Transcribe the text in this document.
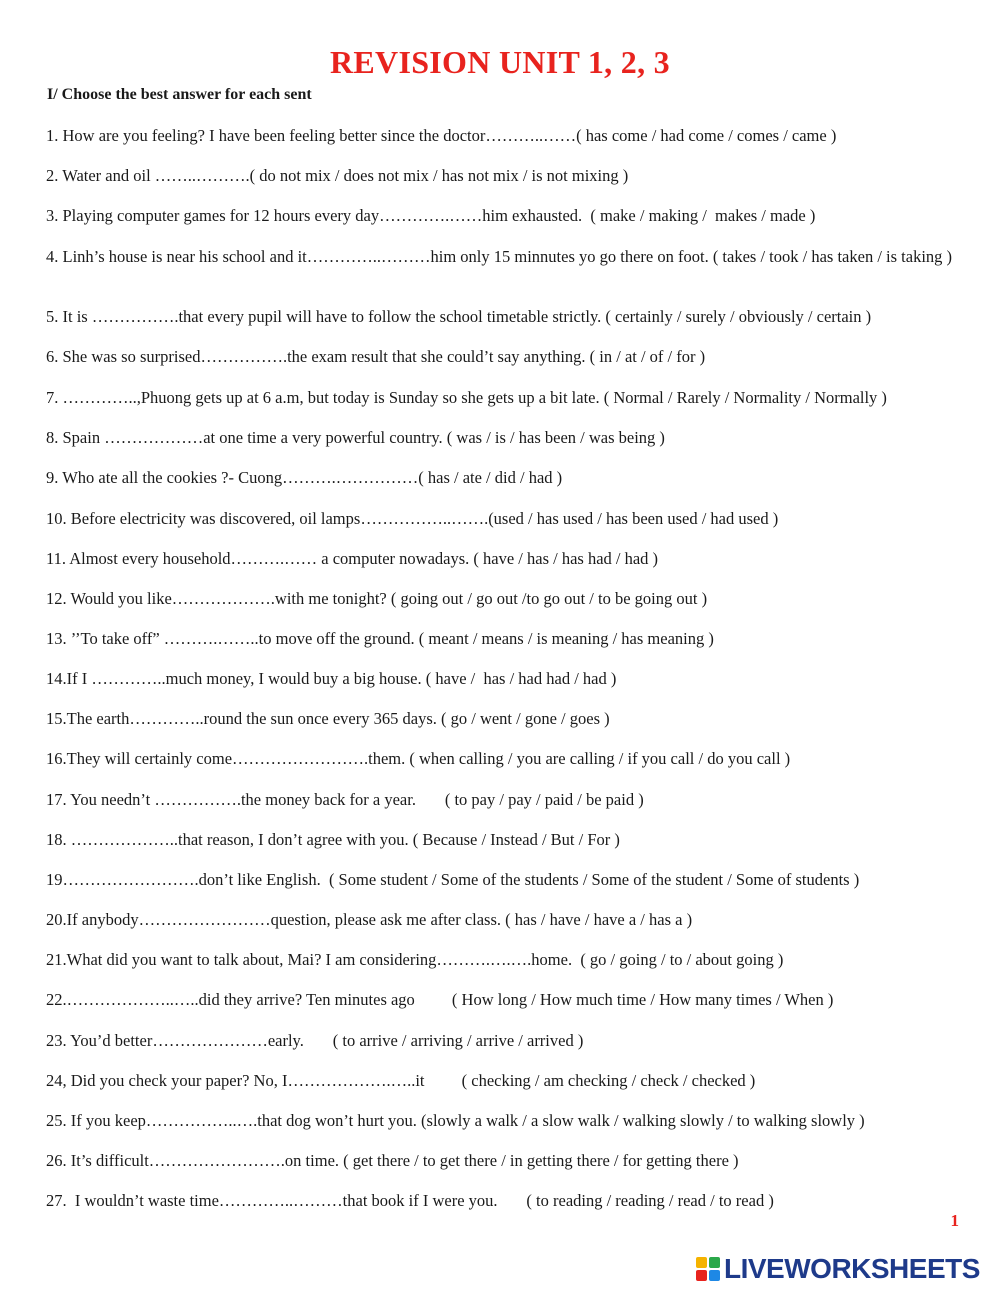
REVISION UNIT 1, 2, 3
I/ Choose the best answer for each sent
1. How are you feeling? I have been feeling better since the doctor………..……( has come / had come / comes / came )
2. Water and oil ……..……….( do not mix / does not mix / has not mix / is not mixing )
3. Playing computer games for 12 hours every day………….……him exhausted.  ( make / making /  makes / made )
4. Linh’s house is near his school and it…………..………him only 15 minnutes yo go there on foot. ( takes / took / has taken / is taking )
5. It is …………….that every pupil will have to follow the school timetable strictly. ( certainly / surely / obviously / certain )
6. She was so surprised…………….the exam result that she could’t say anything. ( in / at / of / for )
7. …………..,Phuong gets up at 6 a.m, but today is Sunday so she gets up a bit late. ( Normal / Rarely / Normality / Normally )
8. Spain ………………at one time a very powerful country. ( was / is / has been / was being )
9. Who ate all the cookies ?- Cuong……….……………( has / ate / did / had )
10. Before electricity was discovered, oil lamps……………..…….(used / has used / has been used / had used )
11. Almost every household……….…… a computer nowadays. ( have / has / has had / had )
12. Would you like……………….with me tonight? ( going out / go out /to go out / to be going out )
13. ’’To take off” ……….……..to move off the ground. ( meant / means / is meaning / has meaning )
14.If I …………..much money, I would buy a big house. ( have /  has / had had / had )
15.The earth…………..round the sun once every 365 days. ( go / went / gone / goes )
16.They will certainly come…………………….them. ( when calling / you are calling / if you call / do you call )
17. You needn’t …………….the money back for a year.       ( to pay / pay / paid / be paid )
18. ………………..that reason, I don’t agree with you. ( Because / Instead / But / For )
19…………………….don’t like English.  ( Some student / Some of the students / Some of the student / Some of students )
20.If anybody……………………question, please ask me after class. ( has / have / have a / has a )
21.What did you want to talk about, Mai? I am considering……….….….home.  ( go / going / to / about going )
22.………………..…..did they arrive? Ten minutes ago         ( How long / How much time / How many times / When )
23. You’d better…………………early.       ( to arrive / arriving / arrive / arrived )
24, Did you check your paper? No, I……………….…..it         ( checking / am checking / check / checked )
25. If you keep……………..….that dog won’t hurt you. (slowly a walk / a slow walk / walking slowly / to walking slowly )
26. It’s difficult…………………….on time. ( get there / to get there / in getting there / for getting there )
27.  I wouldn’t waste time…………..………that book if I were you.       ( to reading / reading / read / to read )
1
LIVEWORKSHEETS
